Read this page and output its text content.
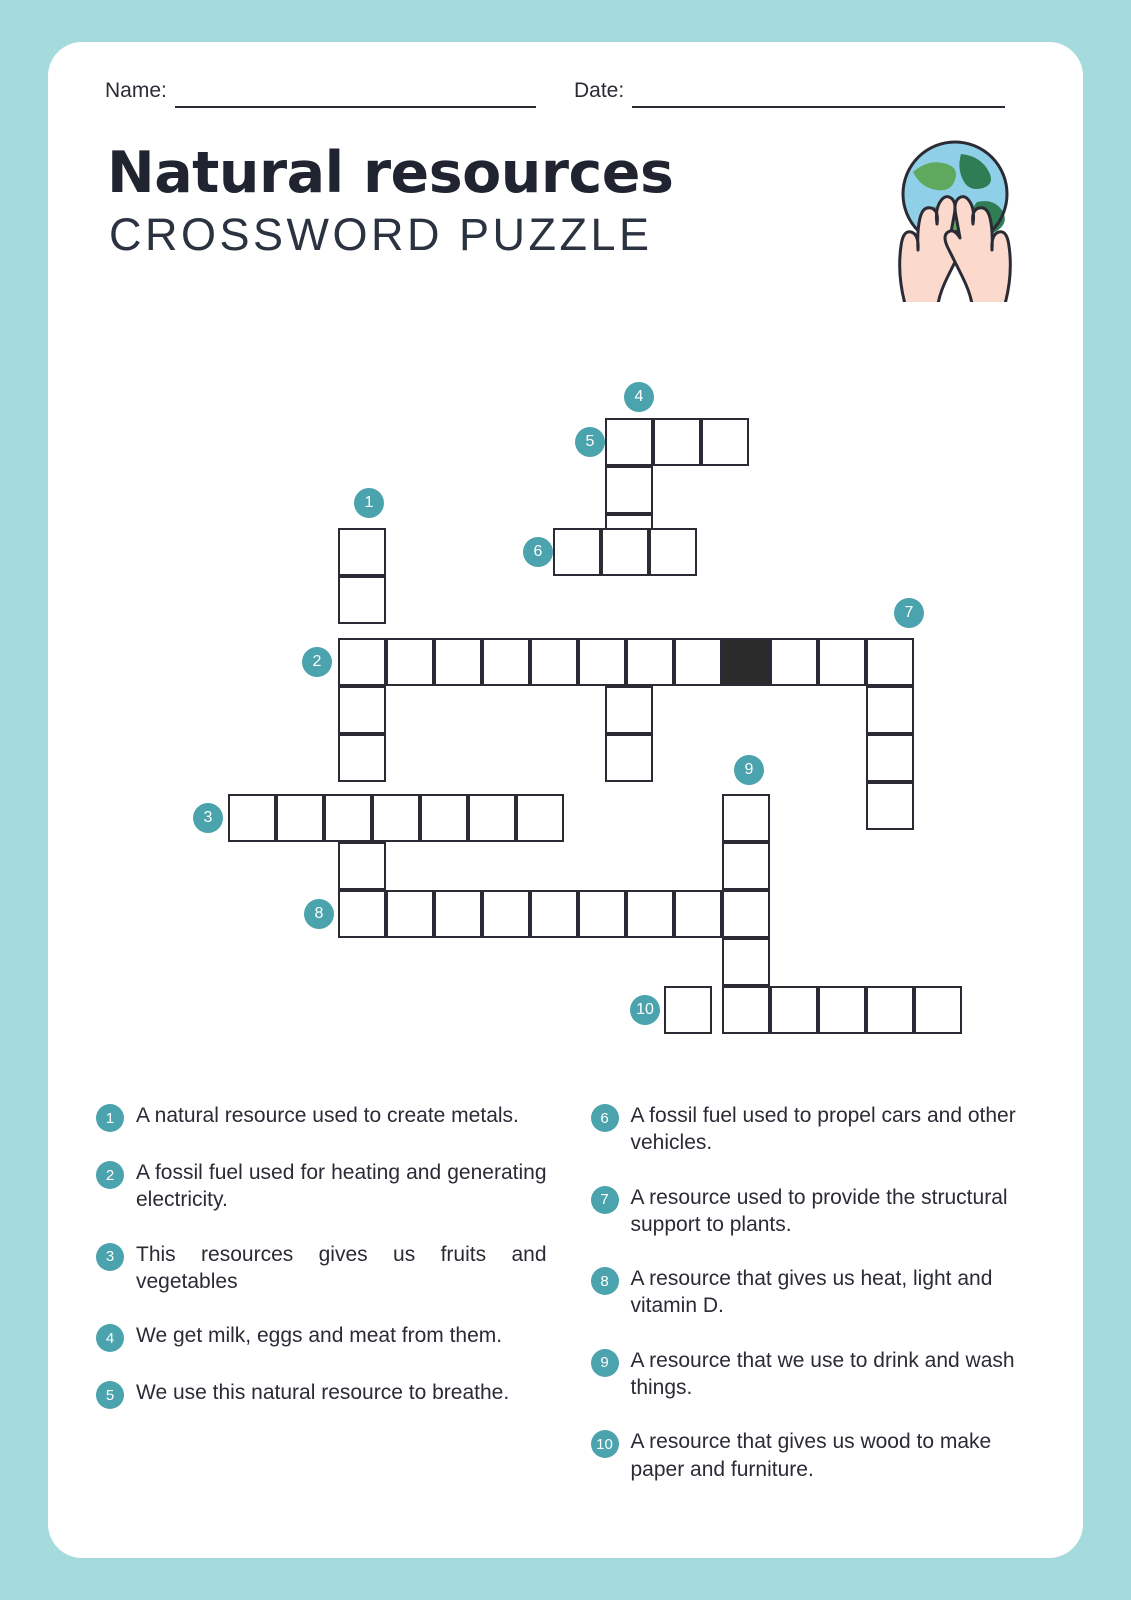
Name:	Date:
Natural resources
CROSSWORD PUZZLE
4
5
1
6
7
2
9
3
8
10
1	A natural resource used to create metals.
2	A fossil fuel used for heating and generating electricity.
3	This resources gives us fruits and vegetables
4	We get milk, eggs and meat from them.
5	We use this natural resource to breathe.
6	A fossil fuel used to propel cars and other vehicles.
7	A resource used to provide the structural support to plants.
8	A resource that gives us heat, light and vitamin D.
9	A resource that we use to drink and wash things.
10 A resource that gives us wood to make paper and furniture.
